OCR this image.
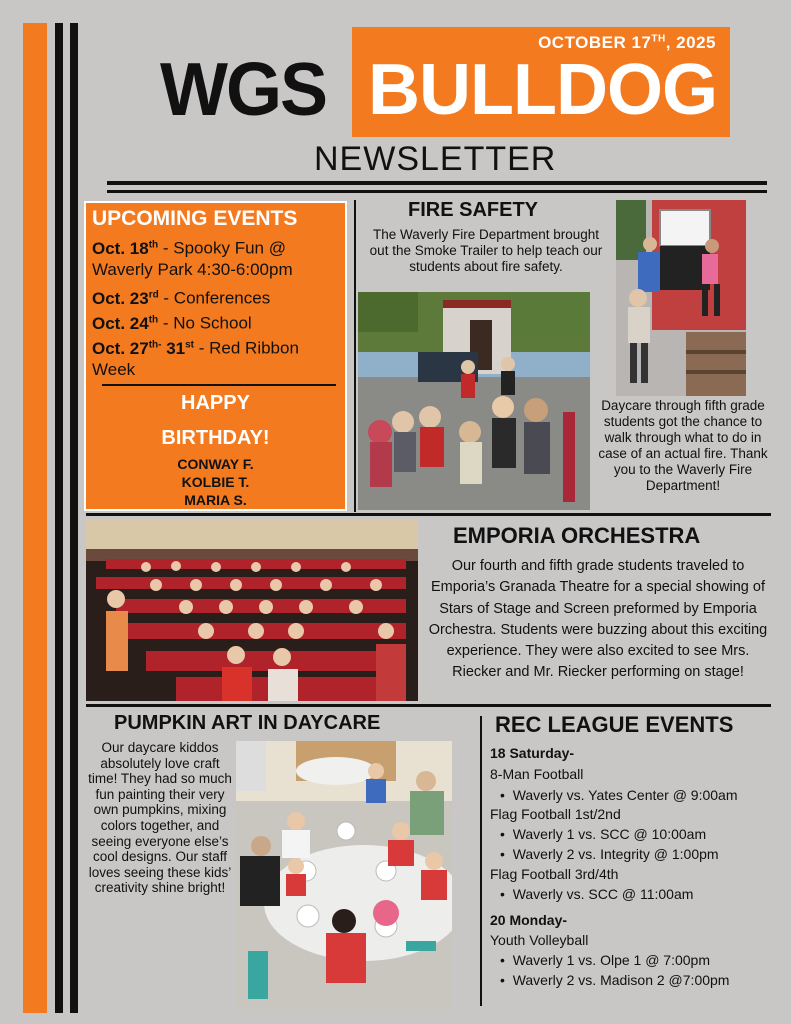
OCTOBER 17TH, 2025
WGS BULLDOG
NEWSLETTER
UPCOMING EVENTS
Oct. 18th - Spooky Fun @
Waverly Park 4:30-6:00pm
Oct. 23rd - Conferences
Oct. 24th - No School
Oct. $27^{th-}$ 31st - Red Ribbon
Week
HAPPY
BIRTHDAY!
CONWAY F.
KOLBIE T.
MARIA S.
FIRE SAFETY
The Waverly Fire Department brought out the Smoke Trailer to help teach our students about fire safety.
Daycare through fifth grade students got the chance to walk through what to do in case of an actual fire. Thank you to the Waverly Fire Department!
EMPORIA ORCHESTRA
Our fourth and fifth grade students traveled to Emporia’s Granada Theatre for a special showing of Stars of Stage and Screen preformed by Emporia Orchestra. Students were buzzing about this exciting experience. They were also excited to see Mrs. Riecker and Mr. Riecker performing on stage!
PUMPKIN ART IN DAYCARE
Our daycare kiddos absolutely love craft time! They had so much fun painting their very own pumpkins, mixing colors together, and seeing everyone else’s cool designs. Our staff loves seeing these kids’ creativity shine bright!
REC LEAGUE EVENTS
18 Saturday-
8-Man Football
•  Waverly vs. Yates Center @ 9:00am
Flag Football 1st/2nd
•  Waverly 1 vs. SCC @ 10:00am
•  Waverly 2 vs. Integrity @ 1:00pm
Flag Football 3rd/4th
•  Waverly vs. SCC @ 11:00am
20 Monday-
Youth Volleyball
•  Waverly 1 vs. Olpe 1 @ 7:00pm
•  Waverly 2 vs. Madison 2 @7:00pm
